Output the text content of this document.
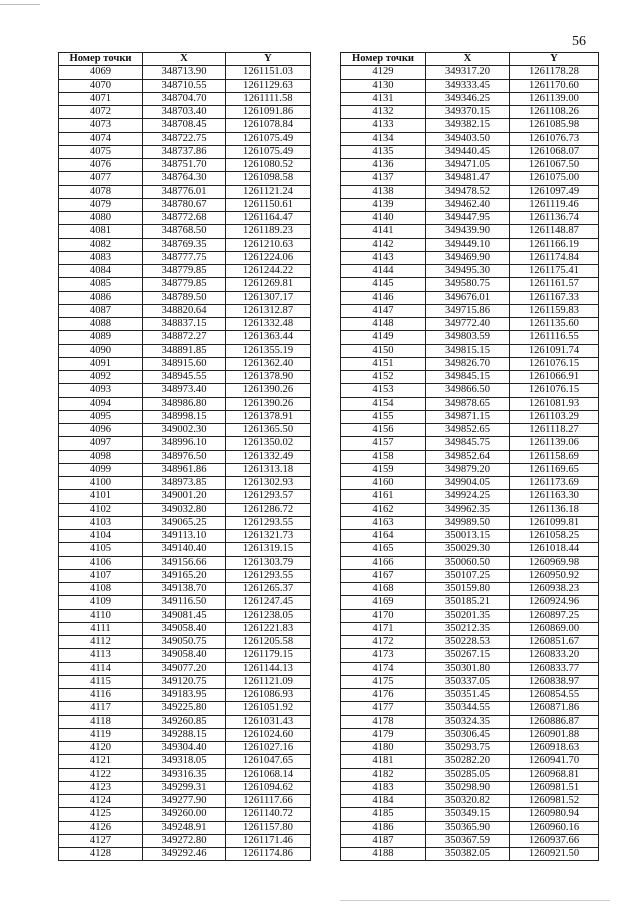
56
Номер точки	X	Y
4069	348713.90	1261151.03
4070	348710.55	1261129.63
4071	348704.70	1261111.58
4072	348703.40	1261091.86
4073	348708.45	1261078.84
4074	348722.75	1261075.49
4075	348737.86	1261075.49
4076	348751.70	1261080.52
4077	348764.30	1261098.58
4078	348776.01	1261121.24
4079	348780.67	1261150.61
4080	348772.68	1261164.47
4081	348768.50	1261189.23
4082	348769.35	1261210.63
4083	348777.75	1261224.06
4084	348779.85	1261244.22
4085	348779.85	1261269.81
4086	348789.50	1261307.17
4087	348820.64	1261312.87
4088	348837.15	1261332.48
4089	348872.27	1261363.44
4090	348891.85	1261355.19
4091	348915.60	1261362.40
4092	348945.55	1261378.90
4093	348973.40	1261390.26
4094	348986.80	1261390.26
4095	348998.15	1261378.91
4096	349002.30	1261365.50
4097	348996.10	1261350.02
4098	348976.50	1261332.49
4099	348961.86	1261313.18
4100	348973.85	1261302.93
4101	349001.20	1261293.57
4102	349032.80	1261286.72
4103	349065.25	1261293.55
4104	349113.10	1261321.73
4105	349140.40	1261319.15
4106	349156.66	1261303.79
4107	349165.20	1261293.55
4108	349138.70	1261265.37
4109	349116.50	1261247.45
4110	349081.45	1261238.05
4111	349058.40	1261221.83
4112	349050.75	1261205.58
4113	349058.40	1261179.15
4114	349077.20	1261144.13
4115	349120.75	1261121.09
4116	349183.95	1261086.93
4117	349225.80	1261051.92
4118	349260.85	1261031.43
4119	349288.15	1261024.60
4120	349304.40	1261027.16
4121	349318.05	1261047.65
4122	349316.35	1261068.14
4123	349299.31	1261094.62
4124	349277.90	1261117.66
4125	349260.00	1261140.72
4126	349248.91	1261157.80
4127	349272.80	1261171.46
4128	349292.46	1261174.86
Номер точки	X	Y
4129	349317.20	1261178.28
4130	349333.45	1261170.60
4131	349346.25	1261139.00
4132	349370.15	1261108.26
4133	349382.15	1261085.98
4134	349403.50	1261076.73
4135	349440.45	1261068.07
4136	349471.05	1261067.50
4137	349481.47	1261075.00
4138	349478.52	1261097.49
4139	349462.40	1261119.46
4140	349447.95	1261136.74
4141	349439.90	1261148.87
4142	349449.10	1261166.19
4143	349469.90	1261174.84
4144	349495.30	1261175.41
4145	349580.75	1261161.57
4146	349676.01	1261167.33
4147	349715.86	1261159.83
4148	349772.40	1261135.60
4149	349803.59	1261116.55
4150	349815.15	1261091.74
4151	349826.70	1261076.15
4152	349845.15	1261066.91
4153	349866.50	1261076.15
4154	349878.65	1261081.93
4155	349871.15	1261103.29
4156	349852.65	1261118.27
4157	349845.75	1261139.06
4158	349852.64	1261158.69
4159	349879.20	1261169.65
4160	349904.05	1261173.69
4161	349924.25	1261163.30
4162	349962.35	1261136.18
4163	349989.50	1261099.81
4164	350013.15	1261058.25
4165	350029.30	1261018.44
4166	350060.50	1260969.98
4167	350107.25	1260950.92
4168	350159.80	1260938.23
4169	350185.21	1260924.96
4170	350201.35	1260897.25
4171	350212.35	1260869.00
4172	350228.53	1260851.67
4173	350267.15	1260833.20
4174	350301.80	1260833.77
4175	350337.05	1260838.97
4176	350351.45	1260854.55
4177	350344.55	1260871.86
4178	350324.35	1260886.87
4179	350306.45	1260901.88
4180	350293.75	1260918.63
4181	350282.20	1260941.70
4182	350285.05	1260968.81
4183	350298.90	1260981.51
4184	350320.82	1260981.52
4185	350349.15	1260980.94
4186	350365.90	1260960.16
4187	350367.59	1260937.66
4188	350382.05	1260921.50
